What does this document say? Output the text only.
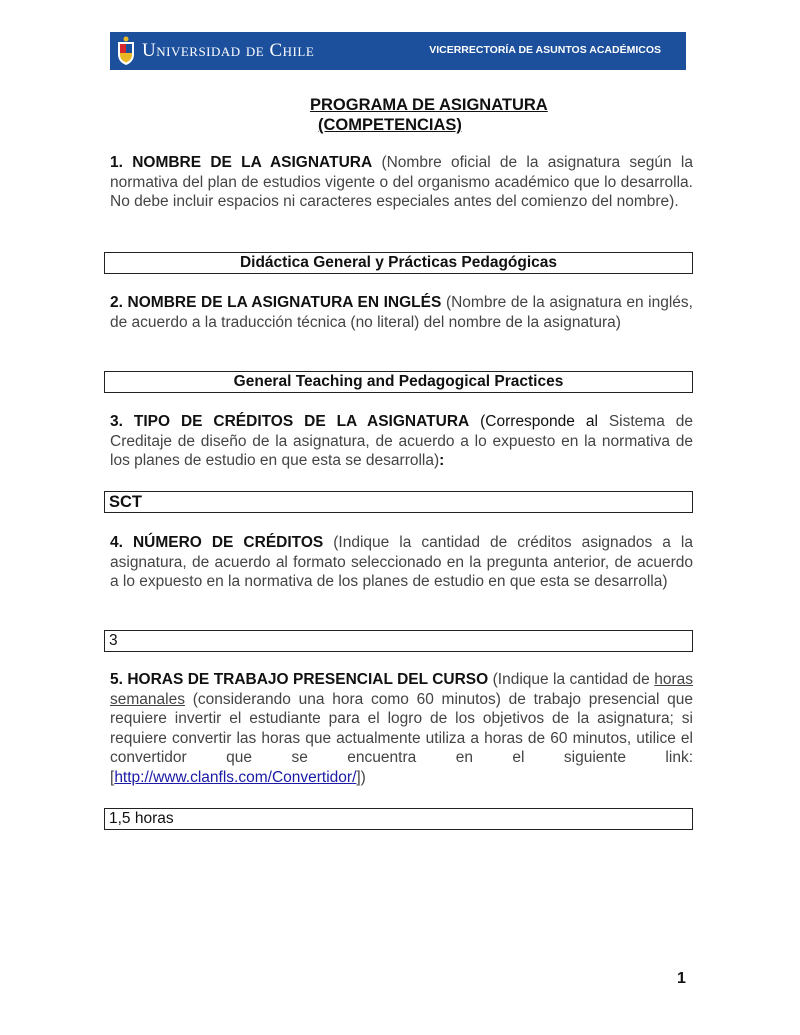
Universidad de Chile	VICERRECTORÍA DE ASUNTOS ACADÉMICOS
PROGRAMA DE ASIGNATURA
(COMPETENCIAS)
1. NOMBRE DE LA ASIGNATURA (Nombre oficial de la asignatura según la normativa del plan de estudios vigente o del organismo académico que lo desarrolla. No debe incluir espacios ni caracteres especiales antes del comienzo del nombre).
Didáctica General y Prácticas Pedagógicas
2. NOMBRE DE LA ASIGNATURA EN INGLÉS (Nombre de la asignatura en inglés, de acuerdo a la traducción técnica (no literal) del nombre de la asignatura)
General Teaching and Pedagogical Practices
3. TIPO DE CRÉDITOS DE LA ASIGNATURA (Corresponde al Sistema de Creditaje de diseño de la asignatura, de acuerdo a lo expuesto en la normativa de los planes de estudio en que esta se desarrolla):
SCT
4. NÚMERO DE CRÉDITOS (Indique la cantidad de créditos asignados a la asignatura, de acuerdo al formato seleccionado en la pregunta anterior, de acuerdo a lo expuesto en la normativa de los planes de estudio en que esta se desarrolla)
3
5. HORAS DE TRABAJO PRESENCIAL DEL CURSO (Indique la cantidad de horas semanales (considerando una hora como 60 minutos) de trabajo presencial que requiere invertir el estudiante para el logro de los objetivos de la asignatura; si requiere convertir las horas que actualmente utiliza a horas de 60 minutos, utilice el convertidor que se encuentra en el siguiente link: [http://www.clanfls.com/Convertidor/])
1,5 horas
1
